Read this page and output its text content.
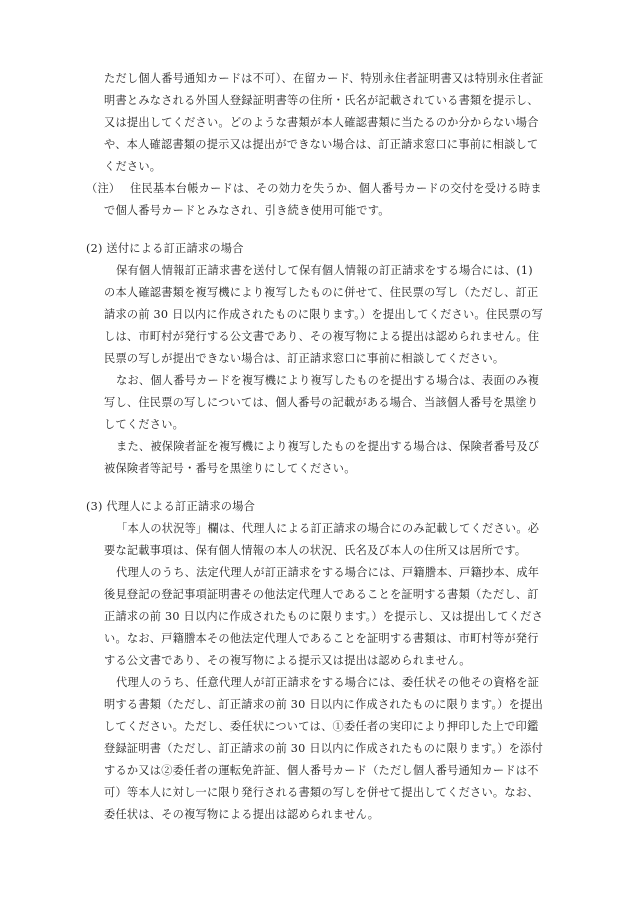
ただし個人番号通知カードは不可）、在留カード、特別永住者証明書又は特別永住者証
明書とみなされる外国人登録証明書等の住所・氏名が記載されている書類を提示し、
又は提出してください。どのような書類が本人確認書類に当たるのか分からない場合
や、本人確認書類の提示又は提出ができない場合は、訂正請求窓口に事前に相談して
ください。
（注） 住民基本台帳カードは、その効力を失うか、個人番号カードの交付を受ける時ま
で個人番号カードとみなされ、引き続き使用可能です。
(2) 送付による訂正請求の場合
保有個人情報訂正請求書を送付して保有個人情報の訂正請求をする場合には、(1)
の本人確認書類を複写機により複写したものに併せて、住民票の写し（ただし、訂正
請求の前 30 日以内に作成されたものに限ります。）を提出してください。住民票の写
しは、市町村が発行する公文書であり、その複写物による提出は認められません。住
民票の写しが提出できない場合は、訂正請求窓口に事前に相談してください。
なお、個人番号カードを複写機により複写したものを提出する場合は、表面のみ複
写し、住民票の写しについては、個人番号の記載がある場合、当該個人番号を黒塗り
してください。
また、被保険者証を複写機により複写したものを提出する場合は、保険者番号及び
被保険者等記号・番号を黒塗りにしてください。
(3) 代理人による訂正請求の場合
「本人の状況等」欄は、代理人による訂正請求の場合にのみ記載してください。必
要な記載事項は、保有個人情報の本人の状況、氏名及び本人の住所又は居所です。
代理人のうち、法定代理人が訂正請求をする場合には、戸籍謄本、戸籍抄本、成年
後見登記の登記事項証明書その他法定代理人であることを証明する書類（ただし、訂
正請求の前 30 日以内に作成されたものに限ります。）を提示し、又は提出してくださ
い。なお、戸籍謄本その他法定代理人であることを証明する書類は、市町村等が発行
する公文書であり、その複写物による提示又は提出は認められません。
代理人のうち、任意代理人が訂正請求をする場合には、委任状その他その資格を証
明する書類（ただし、訂正請求の前 30 日以内に作成されたものに限ります。）を提出
してください。ただし、委任状については、①委任者の実印により押印した上で印鑑
登録証明書（ただし、訂正請求の前 30 日以内に作成されたものに限ります。）を添付
するか又は②委任者の運転免許証、個人番号カード（ただし個人番号通知カードは不
可）等本人に対し一に限り発行される書類の写しを併せて提出してください。なお、
委任状は、その複写物による提出は認められません。
